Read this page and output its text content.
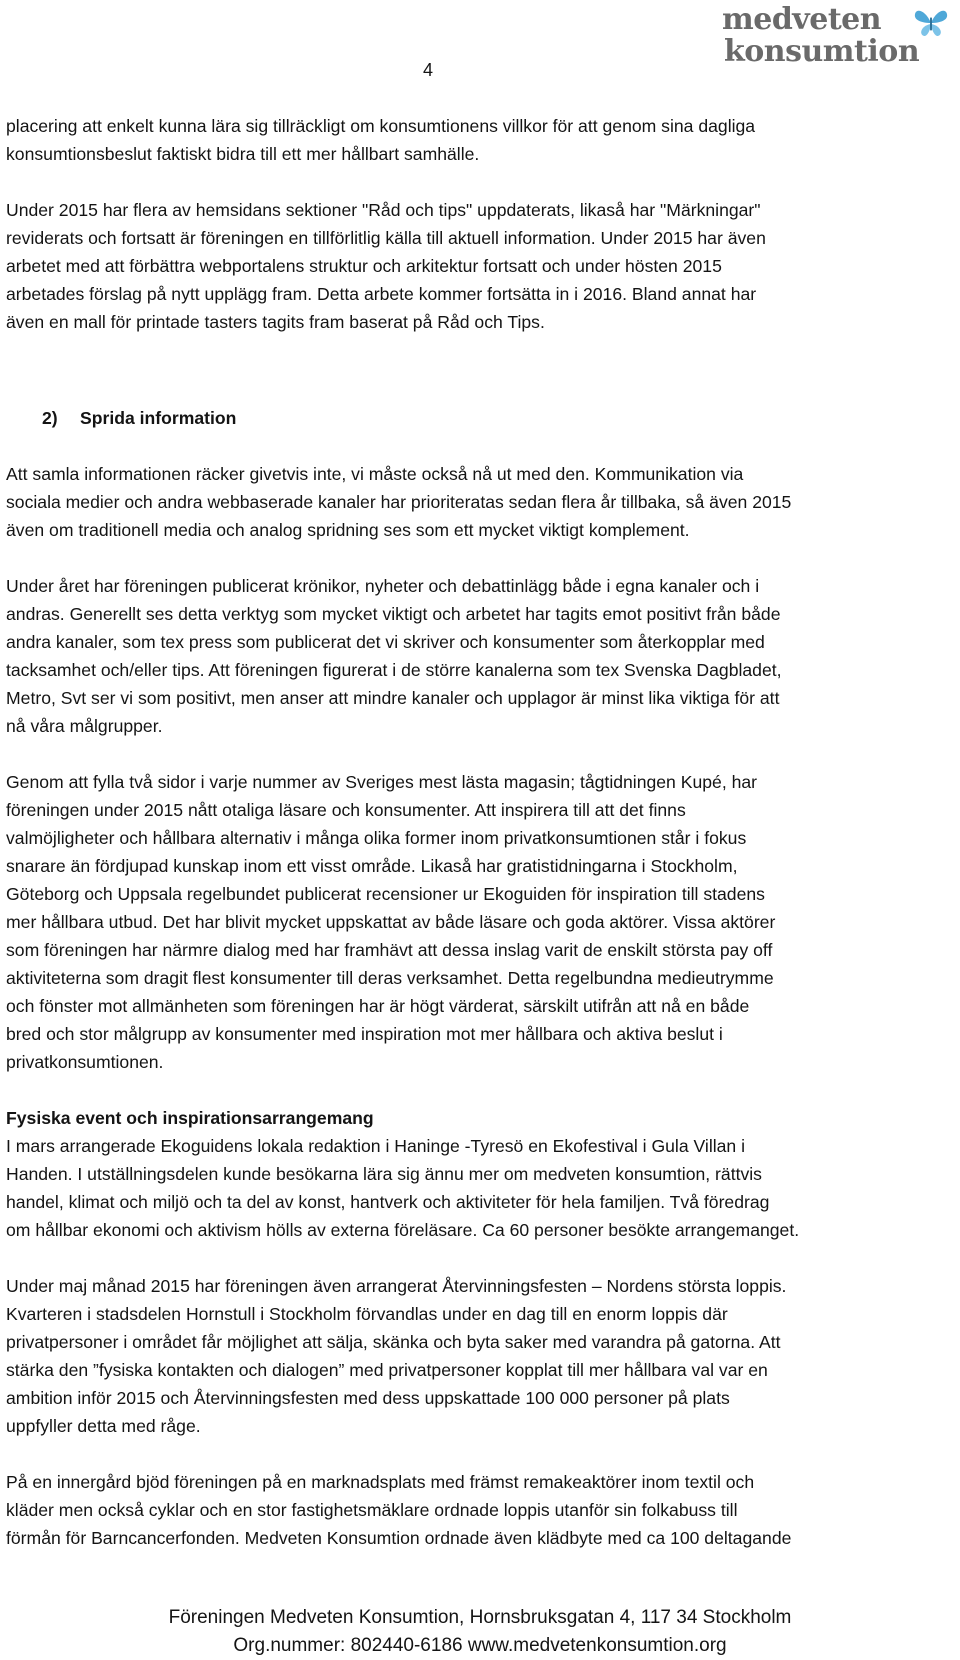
medveten
konsumtion
4
placering att enkelt kunna lära sig tillräckligt om konsumtionens villkor för att genom sina dagliga
konsumtionsbeslut faktiskt bidra till ett mer hållbart samhälle.
Under 2015 har flera av hemsidans sektioner "Råd och tips" uppdaterats, likaså har "Märkningar"
reviderats och fortsatt är föreningen en tillförlitlig källa till aktuell information. Under 2015 har även
arbetet med att förbättra webportalens struktur och arkitektur fortsatt och under hösten 2015
arbetades förslag på nytt upplägg fram. Detta arbete kommer fortsätta in i 2016. Bland annat har
även en mall för printade tasters tagits fram baserat på Råd och Tips.
2) Sprida information
Att samla informationen räcker givetvis inte, vi måste också nå ut med den. Kommunikation via
sociala medier och andra webbaserade kanaler har prioriteratas sedan flera år tillbaka, så även 2015
även om traditionell media och analog spridning ses som ett mycket viktigt komplement.
Under året har föreningen publicerat krönikor, nyheter och debattinlägg både i egna kanaler och i
andras. Generellt ses detta verktyg som mycket viktigt och arbetet har tagits emot positivt från både
andra kanaler, som tex press som publicerat det vi skriver och konsumenter som återkopplar med
tacksamhet och/eller tips. Att föreningen figurerat i de större kanalerna som tex Svenska Dagbladet,
Metro, Svt ser vi som positivt, men anser att mindre kanaler och upplagor är minst lika viktiga för att
nå våra målgrupper.
Genom att fylla två sidor i varje nummer av Sveriges mest lästa magasin; tågtidningen Kupé, har
föreningen under 2015 nått otaliga läsare och konsumenter. Att inspirera till att det finns
valmöjligheter och hållbara alternativ i många olika former inom privatkonsumtionen står i fokus
snarare än fördjupad kunskap inom ett visst område. Likaså har gratistidningarna i Stockholm,
Göteborg och Uppsala regelbundet publicerat recensioner ur Ekoguiden för inspiration till stadens
mer hållbara utbud. Det har blivit mycket uppskattat av både läsare och goda aktörer. Vissa aktörer
som föreningen har närmre dialog med har framhävt att dessa inslag varit de enskilt största pay off
aktiviteterna som dragit flest konsumenter till deras verksamhet. Detta regelbundna medieutrymme
och fönster mot allmänheten som föreningen har är högt värderat, särskilt utifrån att nå en både
bred och stor målgrupp av konsumenter med inspiration mot mer hållbara och aktiva beslut i
privatkonsumtionen.
Fysiska event och inspirationsarrangemang
I mars arrangerade Ekoguidens lokala redaktion i Haninge -Tyresö en Ekofestival i Gula Villan i
Handen. I utställningsdelen kunde besökarna lära sig ännu mer om medveten konsumtion, rättvis
handel, klimat och miljö och ta del av konst, hantverk och aktiviteter för hela familjen. Två föredrag
om hållbar ekonomi och aktivism hölls av externa föreläsare. Ca 60 personer besökte arrangemanget.
Under maj månad 2015 har föreningen även arrangerat Återvinningsfesten – Nordens största loppis.
Kvarteren i stadsdelen Hornstull i Stockholm förvandlas under en dag till en enorm loppis där
privatpersoner i området får möjlighet att sälja, skänka och byta saker med varandra på gatorna. Att
stärka den ”fysiska kontakten och dialogen” med privatpersoner kopplat till mer hållbara val var en
ambition inför 2015 och Återvinningsfesten med dess uppskattade 100 000 personer på plats
uppfyller detta med råge.
På en innergård bjöd föreningen på en marknadsplats med främst remakeaktörer inom textil och
kläder men också cyklar och en stor fastighetsmäklare ordnade loppis utanför sin folkabuss till
förmån för Barncancerfonden. Medveten Konsumtion ordnade även klädbyte med ca 100 deltagande
Föreningen Medveten Konsumtion, Hornsbruksgatan 4, 117 34 Stockholm
Org.nummer: 802440-6186 www.medvetenkonsumtion.org
